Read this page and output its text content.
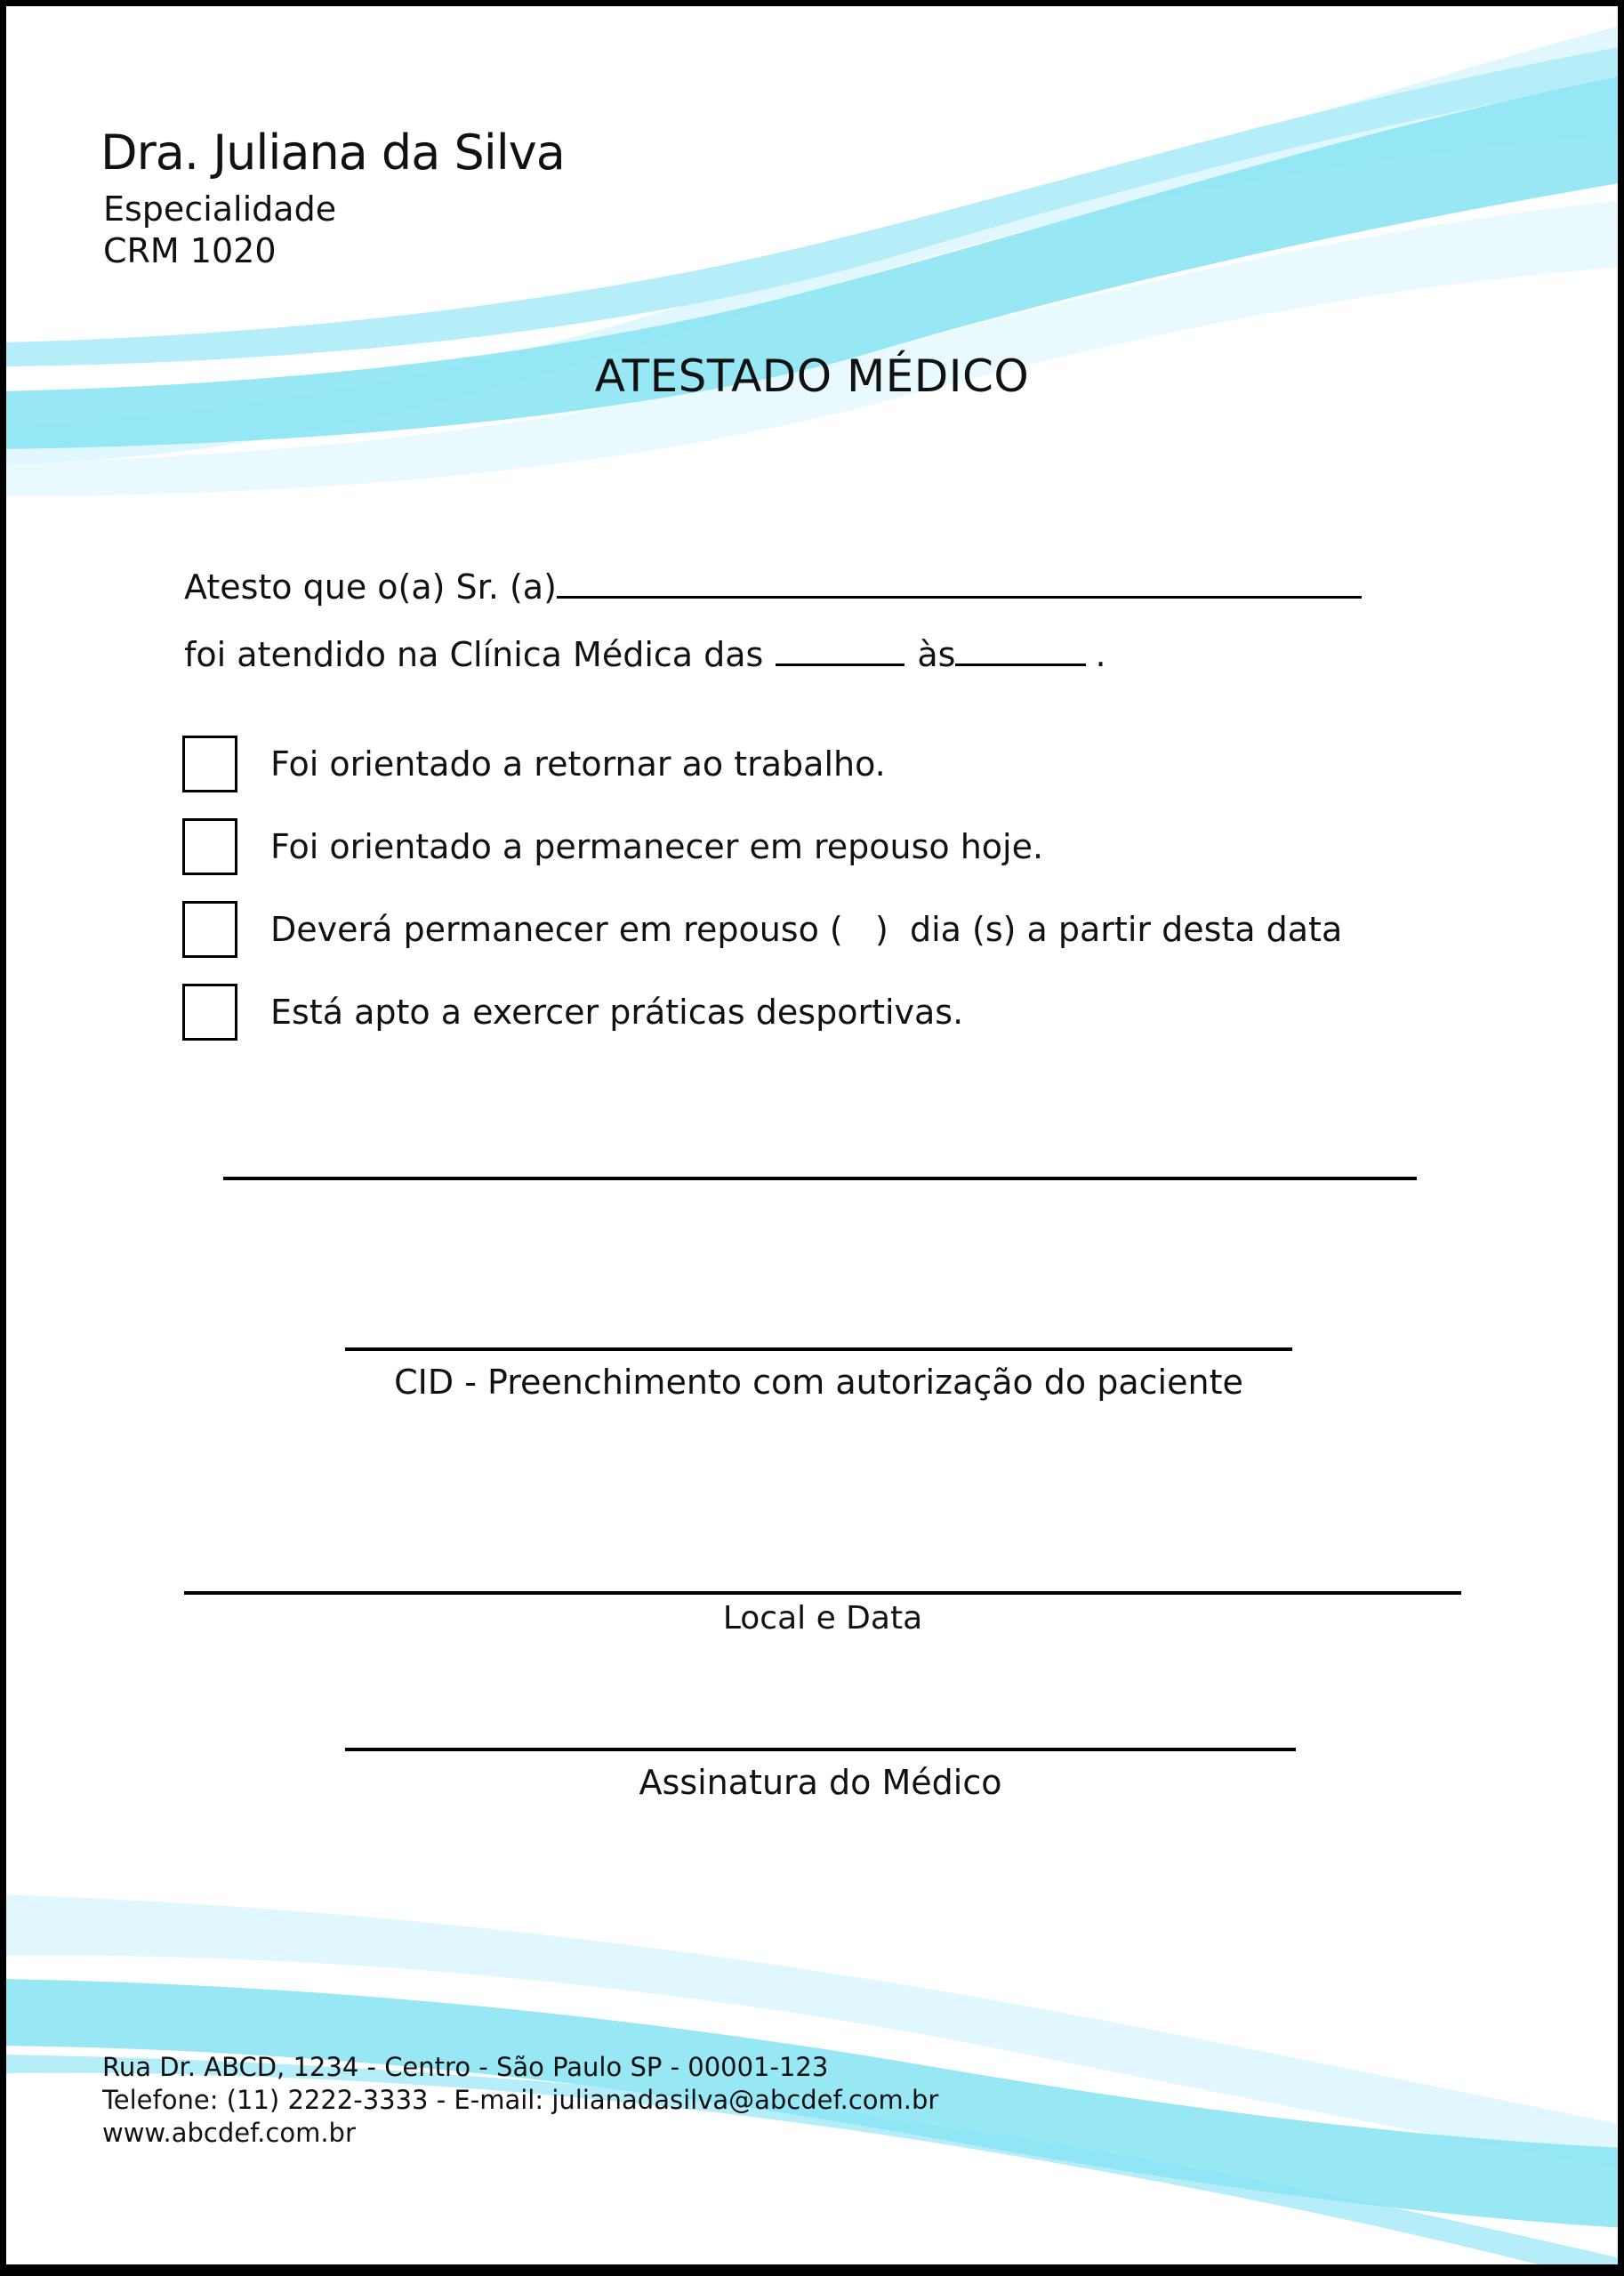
Dra. Juliana da Silva
Especialidade
CRM 1020
ATESTADO MÉDICO
Atesto que o(a) Sr. (a)
foi atendido na Clínica Médica das	às	.
Foi orientado a retornar ao trabalho.
Foi orientado a permanecer em repouso hoje.
Deverá permanecer em repouso (   )  dia (s) a partir desta data
Está apto a exercer práticas desportivas.
CID - Preenchimento com autorização do paciente
Local e Data
Assinatura do Médico
Rua Dr. ABCD, 1234 - Centro - São Paulo SP - 00001-123
Telefone: (11) 2222-3333 - E-mail: julianadasilva@abcdef.com.br
www.abcdef.com.br
